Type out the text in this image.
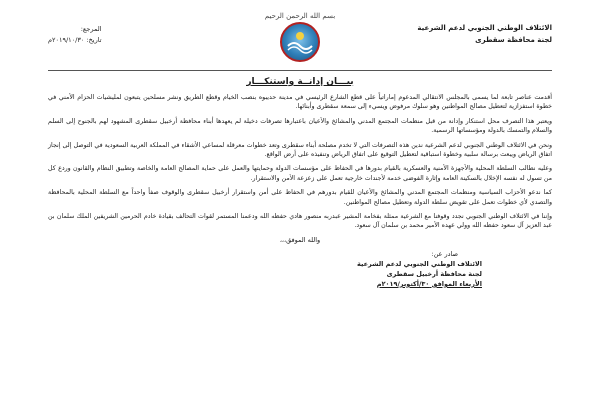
بسم الله الرحمن الرحيم
الائتلاف الوطني الجنوبي لدعم الشرعية
لجنة محافظة سقطرى
المرجع:
تاريخ: ٢٠١٩/١٠/٣٠م
بيـــان إدانــة واستنكـــار

أقدمت عناصر تابعة لما يسمى بالمجلس الانتقالي المدعوم إماراتياً على قطع الشارع الرئيسي في مدينة حديبوه بنصب الخيام وقطع الطريق ونشر مسلحين يتبعون لمليشيات الحزام الأمني في خطوة استفزازية لتعطيل مصالح المواطنين وهو سلوك مرفوض ويسيء إلى سمعة سقطرى وأبنائها.

ويعتبر هذا التصرف محل استنكار وإدانة من قبل منظمات المجتمع المدني والمشائخ والأعيان باعتبارها تصرفات دخيلة لم يعهدها أبناء محافظة أرخبيل سقطرى المشهود لهم بالجنوح إلى السلم والسلام والتمسك بالدولة ومؤسساتها الرسمية.

ونحن في الائتلاف الوطني الجنوبي لدعم الشرعية ندين هذه التصرفات التي لا تخدم مصلحة أبناء سقطرى وتعد خطوات معرقلة لمساعي الأشقاء في المملكة العربية السعودية في التوصل إلى إنجاز اتفاق الرياض ويبعث برسالة سلبية وخطوة استباقية لتعطيل التوقيع على اتفاق الرياض وتنفيذه على أرض الواقع.

وعليه نطالب السلطة المحلية والأجهزة الأمنية والعسكرية بالقيام بدورها في الحفاظ على مؤسسات الدولة وحمايتها والعمل على حماية المصالح العامة والخاصة وتطبيق النظام والقانون وردع كل من تسول له نفسه الإخلال بالسكينة العامة وإثارة الفوضى خدمة لأجندات خارجية تعمل على زعزعة الأمن والاستقرار.

كما ندعو الأحزاب السياسية ومنظمات المجتمع المدني والمشائخ والأعيان للقيام بدورهم في الحفاظ على أمن واستقرار أرخبيل سقطرى والوقوف صفاً واحداً مع السلطة المحلية بالمحافظة والتصدي لأي خطوات تعمل على تقويض سلطة الدولة وتعطيل مصالح المواطنين.

وإننا في الائتلاف الوطني الجنوبي نجدد وقوفنا مع الشرعية ممثلة بفخامة المشير عبدربه منصور هادي حفظه الله ودعمنا المستمر لقوات التحالف بقيادة خادم الحرمين الشريفين الملك سلمان بن عبد العزيز آل سعود حفظه الله وولي عهده الأمير محمد بن سلمان آل سعود.

والله الموفق،،،
صادر عن:
الائتلاف الوطني الجنوبي لدعم الشرعية
لجنة محافظة أرخبيل سقطرى
الأربعاء الموافق ٣٠/أكتوبر/٢٠١٩م
